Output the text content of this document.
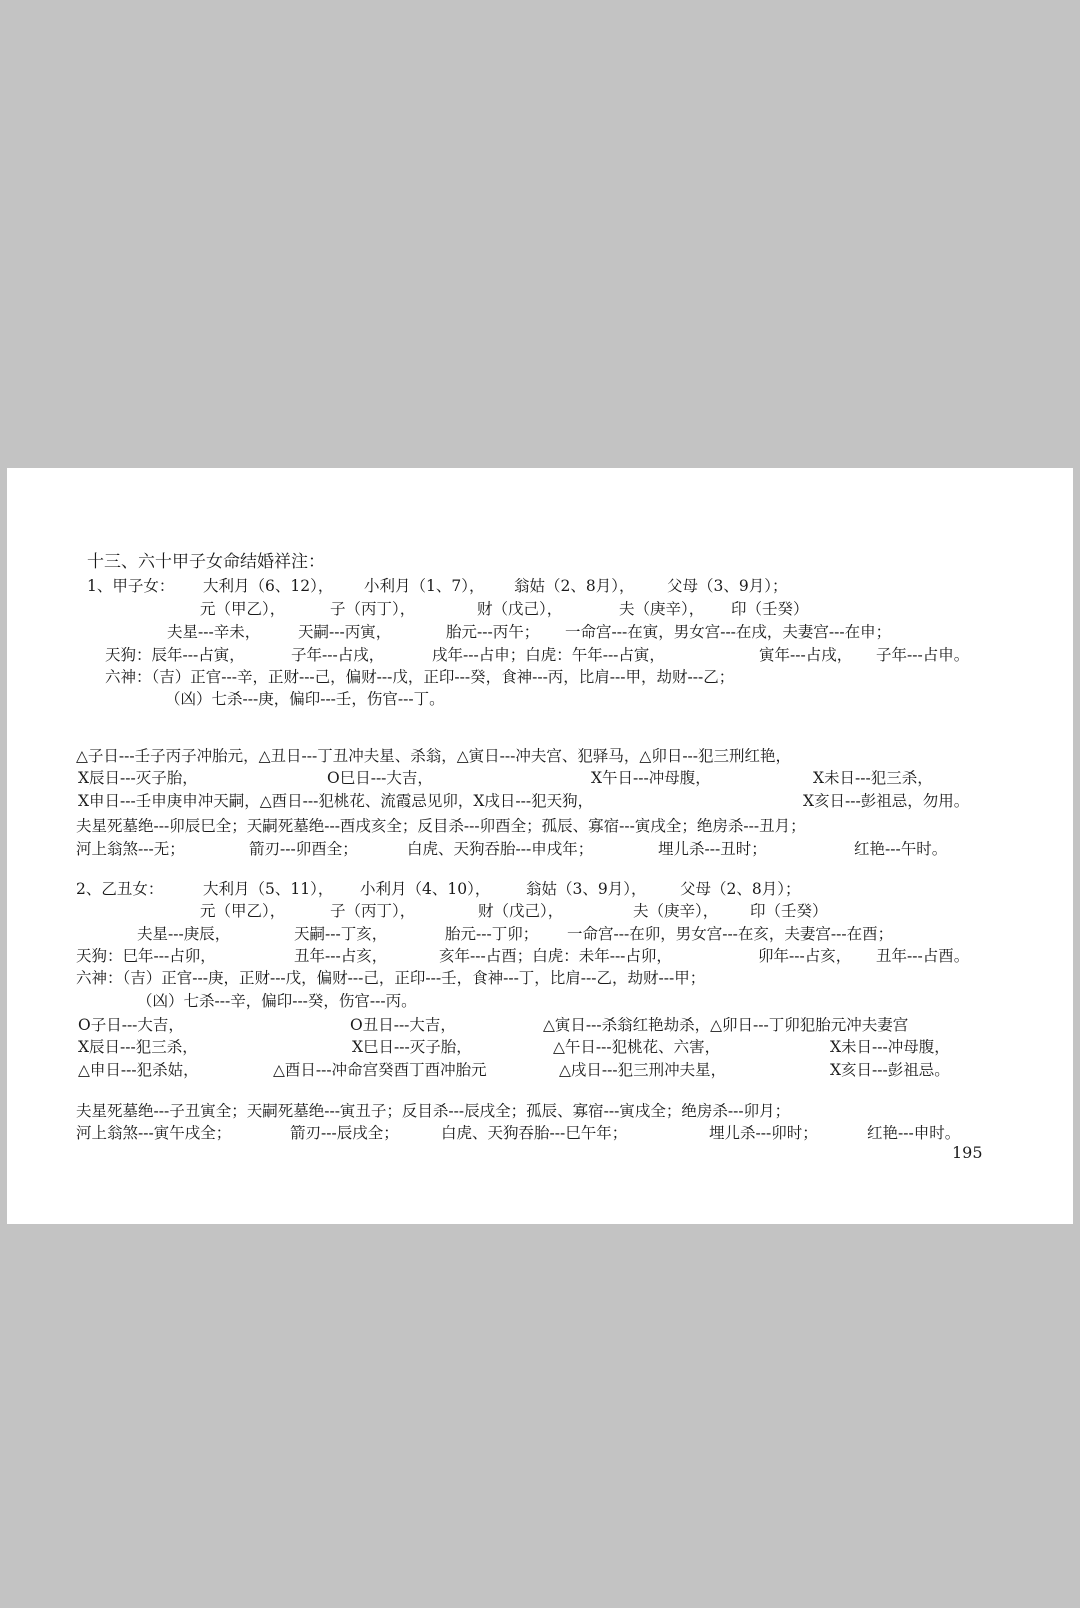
十三、六十甲子女命结婚祥注：
1、甲子女： 大利月（6、12）， 小利月（1、7）， 翁姑（2、8月）， 父母（3、9月）；
元（甲乙），	子（丙丁），	财（戊己），	夫（庚辛）， 印（壬癸）
夫星---辛未， 天嗣---丙寅，	胎元---丙午； 一命宫---在寅，男女宫---在戌，夫妻宫---在申；
天狗：辰年---占寅，	子年---占戌，	戌年---占申；白虎：午年---占寅，	寅年---占戌， 子年---占申。
六神：（吉）正官---辛，正财---己，偏财---戊，正印---癸，食神---丙，比肩---甲，劫财---乙；
（凶）七杀---庚，偏印---壬，伤官---丁。
△子日---壬子丙子冲胎元，△丑日---丁丑冲夫星、杀翁，△寅日---冲夫宫、犯驿马，△卯日---犯三刑红艳，
X辰日---灭子胎，	O巳日---大吉，	X午日---冲母腹，	X未日---犯三杀，
X申日---壬申庚申冲天嗣，△酉日---犯桃花、流霞忌见卯，X戌日---犯天狗，	X亥日---彭祖忌，勿用。
夫星死墓绝---卯辰巳全；天嗣死墓绝---酉戌亥全；反目杀---卯酉全；孤辰、寡宿---寅戌全；绝房杀---丑月；
河上翁煞---无；	箭刃---卯酉全；	白虎、天狗吞胎---申戌年；	埋儿杀---丑时；	红艳---午时。
2、乙丑女：	大利月（5、11）， 小利月（4、10）， 翁姑（3、9月）， 父母（2、8月）；
元（甲乙），	子（丙丁），	财（戊己），	夫（庚辛）， 印（壬癸）
夫星---庚辰，	天嗣---丁亥，	胎元---丁卯； 一命宫---在卯，男女宫---在亥，夫妻宫---在酉；
天狗：巳年---占卯，	丑年---占亥，	亥年---占酉；白虎：未年---占卯，	卯年---占亥， 丑年---占酉。
六神：（吉）正官---庚，正财---戊，偏财---己，正印---壬，食神---丁，比肩---乙，劫财---甲；
（凶）七杀---辛，偏印---癸，伤官---丙。
O子日---大吉，	O丑日---大吉，	△寅日---杀翁红艳劫杀，△卯日---丁卯犯胎元冲夫妻宫
X辰日---犯三杀，	X巳日---灭子胎，	△午日---犯桃花、六害，	X未日---冲母腹，
△申日---犯杀姑，	△酉日---冲命宫癸酉丁酉冲胎元	△戌日---犯三刑冲夫星，	X亥日---彭祖忌。
夫星死墓绝---子丑寅全；天嗣死墓绝---寅丑子；反目杀---辰戌全；孤辰、寡宿---寅戌全；绝房杀---卯月；
河上翁煞---寅午戌全；	箭刃---辰戌全；	白虎、天狗吞胎---巳午年；	埋儿杀---卯时；	红艳---申时。
195
